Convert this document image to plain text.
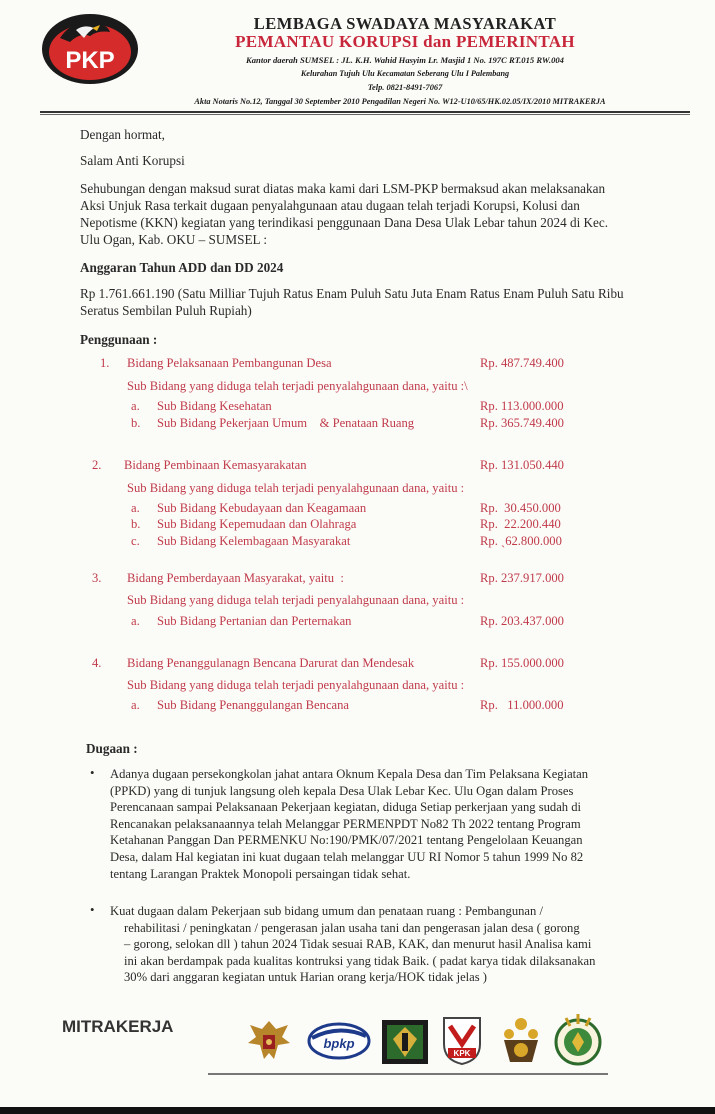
PKP
LEMBAGA SWADAYA MASYARAKAT
PEMANTAU KORUPSI dan PEMERINTAH
Kantor daerah SUMSEL : JL. K.H. Wahid Hasyim Lr. Masjid 1 No. 197C RT.015 RW.004
Kelurahan Tujuh Ulu Kecamatan Seberang Ulu I Palembang
Telp. 0821-8491-7067
Akta Notaris No.12, Tanggal 30 September 2010 Pengadilan Negeri No. W12-U10/65/HK.02.05/IX/2010 MITRAKERJA
Dengan hormat,
Salam Anti Korupsi
Sehubungan dengan maksud surat diatas maka kami dari LSM-PKP bermaksud akan melaksanakan
Aksi Unjuk Rasa terkait dugaan penyalahgunaan atau dugaan telah terjadi Korupsi, Kolusi dan
Nepotisme (KKN) kegiatan yang terindikasi penggunaan Dana Desa Ulak Lebar tahun 2024 di Kec.
Ulu Ogan, Kab. OKU – SUMSEL :
Anggaran Tahun ADD dan DD 2024
Rp 1.761.661.190 (Satu Milliar Tujuh Ratus Enam Puluh Satu Juta Enam Ratus Enam Puluh Satu Ribu
Seratus Sembilan Puluh Rupiah)
Penggunaan :
1. Bidang Pelaksanaan Pembangunan Desa	Rp. 487.749.400
Sub Bidang yang diduga telah terjadi penyalahgunaan dana, yaitu :\
a. Sub Bidang Kesehatan	Rp. 113.000.000
b. Sub Bidang Pekerjaan Umum    & Penataan Ruang	Rp. 365.749.400
2. Bidang Pembinaan Kemasyarakatan	Rp. 131.050.440
Sub Bidang yang diduga telah terjadi penyalahgunaan dana, yaitu :
a. Sub Bidang Kebudayaan dan Keagamaan	Rp.  30.450.000
b. Sub Bidang Kepemudaan dan Olahraga	Rp.  22.200.440
c. Sub Bidang Kelembagaan Masyarakat	Rp. ˎ62.800.000
3. Bidang Pemberdayaan Masyarakat, yaitu  :	Rp. 237.917.000
Sub Bidang yang diduga telah terjadi penyalahgunaan dana, yaitu :
a. Sub Bidang Pertanian dan Perternakan	Rp. 203.437.000
4. Bidang Penanggulanagn Bencana Darurat dan Mendesak	Rp. 155.000.000
Sub Bidang yang diduga telah terjadi penyalahgunaan dana, yaitu :
a. Sub Bidang Penanggulangan Bencana	Rp.   11.000.000
Dugaan :
• Adanya dugaan persekongkolan jahat antara Oknum Kepala Desa dan Tim Pelaksana Kegiatan
(PPKD) yang di tunjuk langsung oleh kepala Desa Ulak Lebar Kec. Ulu Ogan dalam Proses
Perencanaan sampai Pelaksanaan Pekerjaan kegiatan, diduga Setiap perkerjaan yang sudah di
Rencanakan pelaksanaannya telah Melanggar PERMENPDT No82 Th 2022 tentang Program
Ketahanan Panggan Dan PERMENKU No:190/PMK/07/2021 tentang Pengelolaan Keuangan
Desa, dalam Hal kegiatan ini kuat dugaan telah melanggar UU RI Nomor 5 tahun 1999 No 82
tentang Larangan Praktek Monopoli persaingan tidak sehat.
• Kuat dugaan dalam Pekerjaan sub bidang umum dan penataan ruang : Pembangunan /
rehabilitasi / peningkatan / pengerasan jalan usaha tani dan pengerasan jalan desa ( gorong
– gorong, selokan dll ) tahun 2024 Tidak sesuai RAB, KAK, dan menurut hasil Analisa kami
ini akan berdampak pada kualitas kontruksi yang tidak Baik. ( padat karya tidak dilaksanakan
30% dari anggaran kegiatan untuk Harian orang kerja/HOK tidak jelas )
MITRAKERJA
bpkp
KPK
